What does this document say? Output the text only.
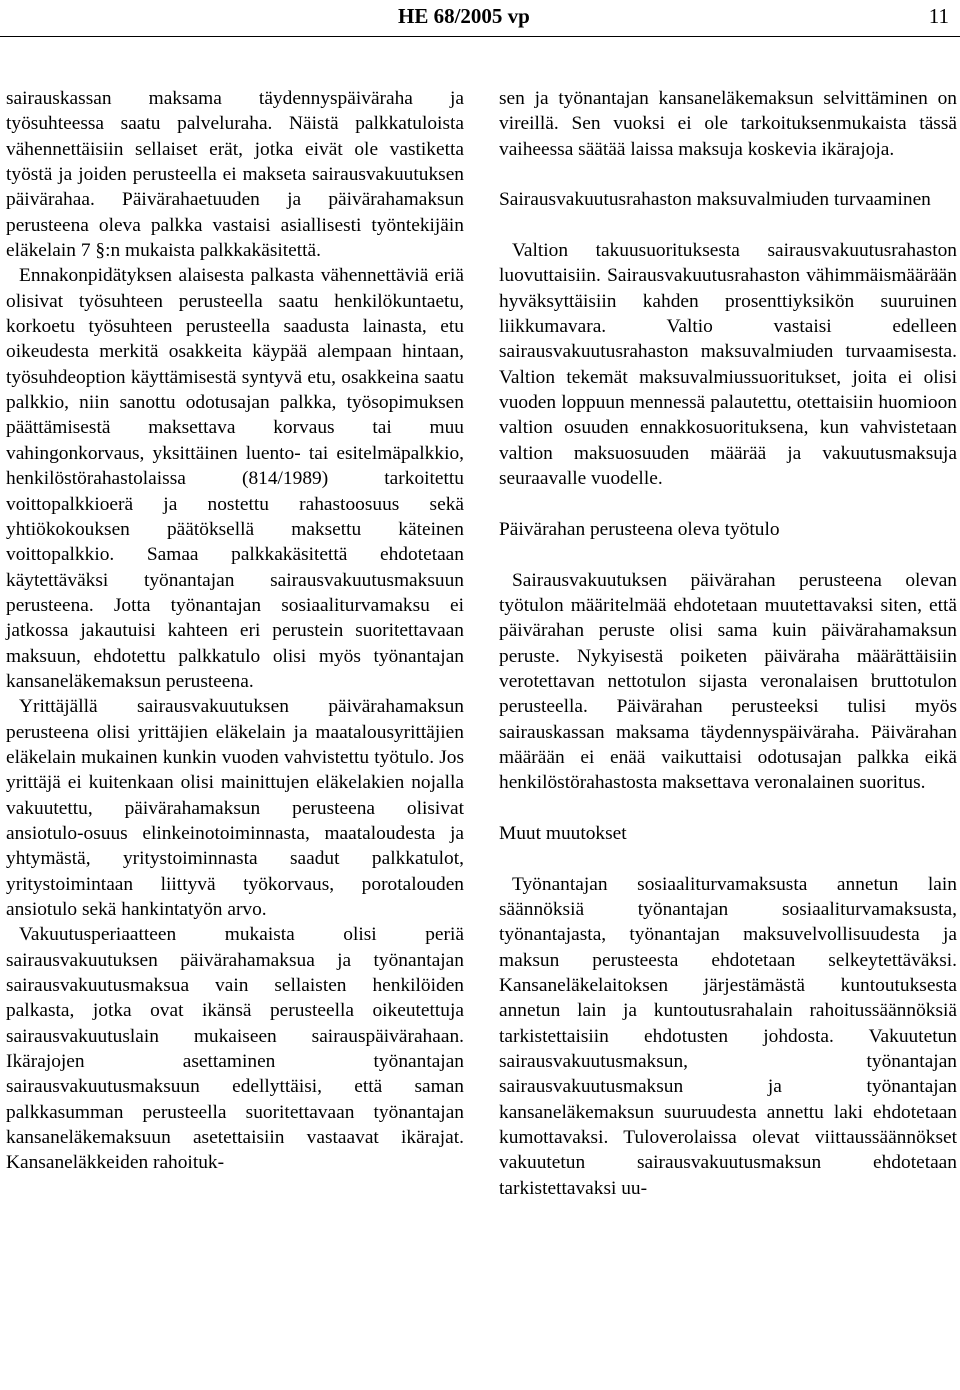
HE 68/2005 vp	11

sairauskassan maksama täydennyspäiväraha ja työsuhteessa saatu palveluraha. Näistä palkkatuloista vähennettäisiin sellaiset erät, jotka eivät ole vastiketta työstä ja joiden perusteella ei makseta sairausvakuutuksen päivärahaa. Päivärahaetuuden ja päivärahamaksun perusteena oleva palkka vastaisi asiallisesti työntekijäin eläkelain 7 §:n mukaista palkkakäsitettä.

Ennakonpidätyksen alaisesta palkasta vähennettäviä eriä olisivat työsuhteen perusteella saatu henkilökuntaetu, korkoetu työsuhteen perusteella saadusta lainasta, etu oikeudesta merkitä osakkeita käypää alempaan hintaan, työsuhdeoption käyttämisestä syntyvä etu, osakkeina saatu palkkio, niin sanottu odotusajan palkka, työsopimuksen päättämisestä maksettava korvaus tai muu vahingonkorvaus, yksittäinen luento- tai esitelmäpalkkio, henkilöstörahastolaissa (814/1989) tarkoitettu voittopalkkioerä ja nostettu rahastoosuus sekä yhtiökokouksen päätöksellä maksettu käteinen voittopalkkio. Samaa palkkakäsitettä ehdotetaan käytettäväksi työnantajan sairausvakuutusmaksuun perusteena. Jotta työnantajan sosiaaliturvamaksu ei jatkossa jakautuisi kahteen eri perustein suoritettavaan maksuun, ehdotettu palkkatulo olisi myös työnantajan kansaneläkemaksun perusteena.

Yrittäjällä sairausvakuutuksen päivärahamaksun perusteena olisi yrittäjien eläkelain ja maatalousyrittäjien eläkelain mukainen kunkin vuoden vahvistettu työtulo. Jos yrittäjä ei kuitenkaan olisi mainittujen eläkelakien nojalla vakuutettu, päivärahamaksun perusteena olisivat ansiotulo-osuus elinkeinotoiminnasta, maataloudesta ja yhtymästä, yritystoiminnasta saadut palkkatulot, yritystoimintaan liittyvä työkorvaus, porotalouden ansiotulo sekä hankintatyön arvo.

Vakuutusperiaatteen mukaista olisi periä sairausvakuutuksen päivärahamaksua ja työnantajan sairausvakuutusmaksua vain sellaisten henkilöiden palkasta, jotka ovat ikänsä perusteella oikeutettuja sairausvakuutuslain mukaiseen sairauspäivärahaan. Ikärajojen asettaminen työnantajan sairausvakuutusmaksuun edellyttäisi, että saman palkkasumman perusteella suoritettavaan työnantajan kansaneläkemaksuun asetettaisiin vastaavat ikärajat. Kansaneläkkeiden rahoituk-

sen ja työnantajan kansaneläkemaksun selvittäminen on vireillä. Sen vuoksi ei ole tarkoituksenmukaista tässä vaiheessa säätää laissa maksuja koskevia ikärajoja.

Sairausvakuutusrahaston maksuvalmiuden turvaaminen

Valtion takuusuorituksesta sairausvakuutusrahaston luovuttaisiin. Sairausvakuutusrahaston vähimmäismäärään hyväksyttäisiin kahden prosenttiyksikön suuruinen liikkumavara. Valtio vastaisi edelleen sairausvakuutusrahaston maksuvalmiuden turvaamisesta. Valtion tekemät maksuvalmiussuoritukset, joita ei olisi vuoden loppuun mennessä palautettu, otettaisiin huomioon valtion osuuden ennakkosuorituksena, kun vahvistetaan valtion maksuosuuden määrää ja vakuutusmaksuja seuraavalle vuodelle.

Päivärahan perusteena oleva työtulo

Sairausvakuutuksen päivärahan perusteena olevan työtulon määritelmää ehdotetaan muutettavaksi siten, että päivärahan peruste olisi sama kuin päivärahamaksun peruste. Nykyisestä poiketen päiväraha määrättäisiin verotettavan nettotulon sijasta veronalaisen bruttotulon perusteella. Päivärahan perusteeksi tulisi myös sairauskassan maksama täydennyspäiväraha. Päivärahan määrään ei enää vaikuttaisi odotusajan palkka eikä henkilöstörahastosta maksettava veronalainen suoritus.

Muut muutokset

Työnantajan sosiaaliturvamaksusta annetun lain säännöksiä työnantajan sosiaaliturvamaksusta, työnantajasta, työnantajan maksuvelvollisuudesta ja maksun perusteesta ehdotetaan selkeytettäväksi. Kansaneläkelaitoksen järjestämästä kuntoutuksesta annetun lain ja kuntoutusrahalain rahoitussäännöksiä tarkistettaisiin ehdotusten johdosta. Vakuutetun sairausvakuutusmaksun, työnantajan sairausvakuutusmaksun ja työnantajan kansaneläkemaksun suuruudesta annettu laki ehdotetaan kumottavaksi. Tuloverolaissa olevat viittaussäännökset vakuutetun sairausvakuutusmaksun ehdotetaan tarkistettavaksi uu-
